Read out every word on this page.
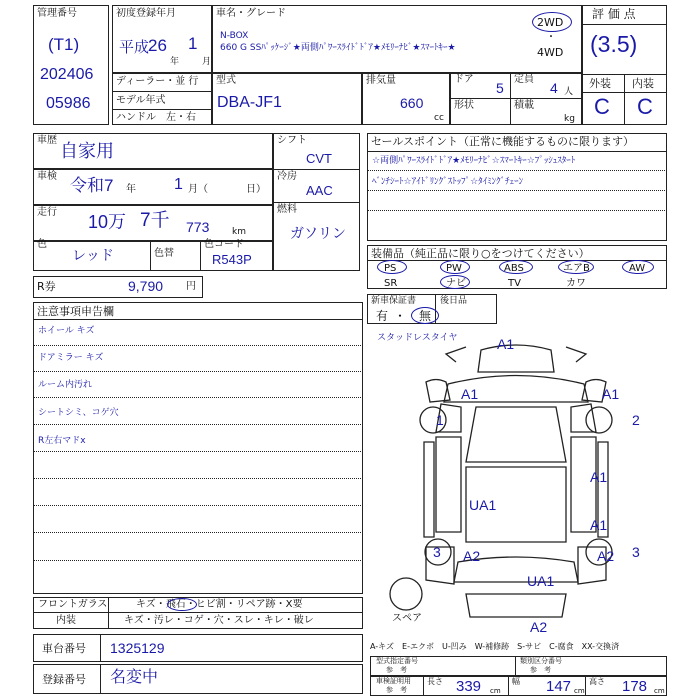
管理番号
(T1)
202406
05986
初度登録年月
平成
26
年
1
月
車名・グレード
N-BOX
660 G SSﾊﾟｯｹｰｼﾞ★両側ﾊﾟﾜｰｽﾗｲﾄﾞﾄﾞｱ★ﾒﾓﾘｰﾅﾋﾞ★ｽﾏｰﾄｷｰ★
2WD
・
4WD
評 価 点
(3.5)
外装 内装
C C
ディーラー・並 行
モデル年式
ハンドル　左・右
型式
DBA-JF1
排気量
660
cc
ドア
5
定員
4 人
形状	積載
kg
車歴
自家用
車検 令和7 年 1 月（	日）
走行 10万 7千 773	km
色
レッド	色替
色コード
R543P
シフト
CVT
冷房
AAC
燃料
ガソリン
R券	9,790 円
セールスポイント（正常に機能するものに限ります）
☆両側ﾊﾟﾜｰｽﾗｲﾄﾞﾄﾞｱ★ﾒﾓﾘｰﾅﾋﾞ☆ｽﾏｰﾄｷｰ☆ﾌﾟｯｼｭｽﾀｰﾄ
ﾍﾞﾝﾁｼｰﾄ☆ｱｲﾄﾞﾘﾝｸﾞｽﾄｯﾌﾟ☆ﾀｲﾐﾝｸﾞﾁｪｰﾝ
装備品（純正品に限り○をつけてください）
PS	PW	ABS	エアB	AW
SR	ナビ	TV	カワ
新車保証書
有 ・ 無
後日品
注意事項申告欄
ホイール キズ
ドアミラー キズ
ルーム内汚れ
シートシミ、コゲ穴
R左右マドx
スタッドレスタイヤ	A1
A1	A1
1	2
A1
UA1
A1
3 A2	A2 3
UA1
スペア
A2
フロントガラス	キズ・飛石・ヒビ割・リペア跡・X要
内装	キズ・汚レ・コゲ・穴・スレ・キレ・破レ
車台番号 1325129
登録番号 名変中
A-キズ　E-エクボ　U-凹み　W-補修跡　S-サビ　C-腐食　XX-交換済
型式指定番号
参　考
類別区分番号
参　考
車検証明用
参　考
長さ 339 cm
幅 147 cm
高さ 178 cm
